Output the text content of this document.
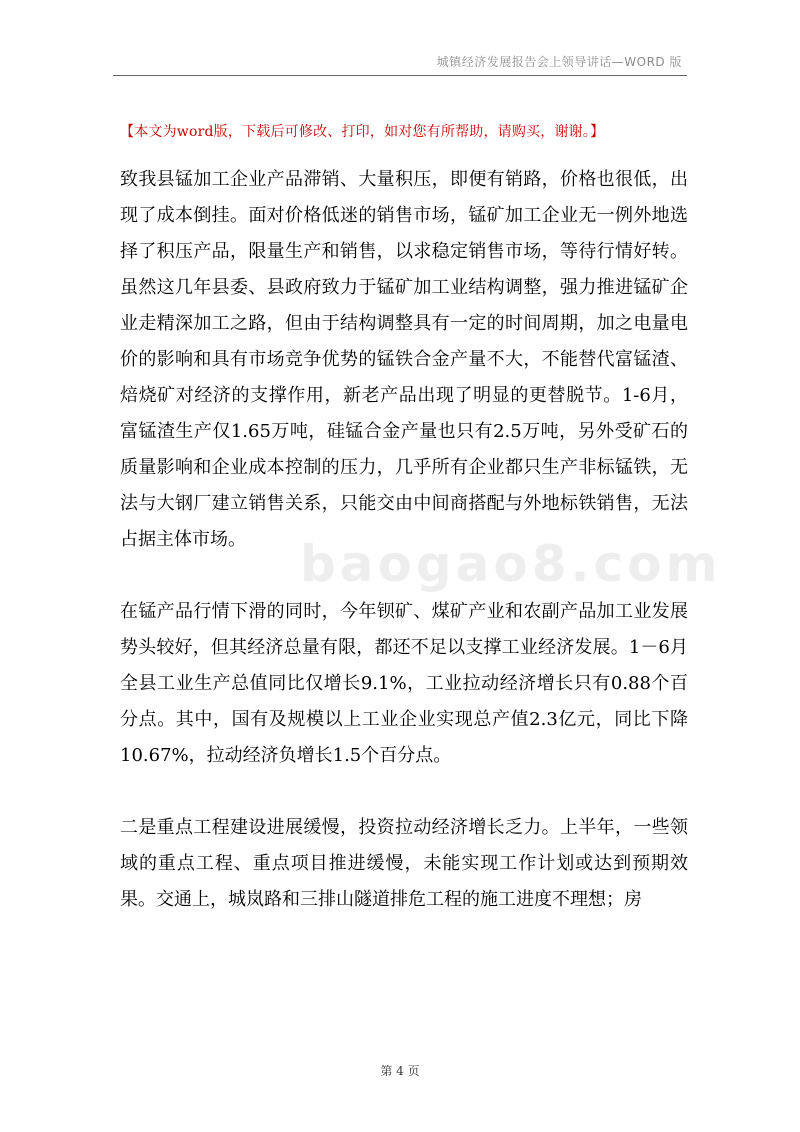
城镇经济发展报告会上领导讲话—WORD 版
【本文为word版，下载后可修改、打印，如对您有所帮助，请购买，谢谢。】
baogao8.com

致我县锰加工企业产品滞销、大量积压，即便有销路，价格也很低，出现了成本倒挂。面对价格低迷的销售市场，锰矿加工企业无一例外地选择了积压产品，限量生产和销售，以求稳定销售市场，等待行情好转。虽然这几年县委、县政府致力于锰矿加工业结构调整，强力推进锰矿企业走精深加工之路，但由于结构调整具有一定的时间周期，加之电量电价的影响和具有市场竞争优势的锰铁合金产量不大，不能替代富锰渣、焙烧矿对经济的支撑作用，新老产品出现了明显的更替脱节。1-6月，富锰渣生产仅1.65万吨，硅锰合金产量也只有2.5万吨，另外受矿石的质量影响和企业成本控制的压力，几乎所有企业都只生产非标锰铁，无法与大钢厂建立销售关系，只能交由中间商搭配与外地标铁销售，无法占据主体市场。

在锰产品行情下滑的同时，今年钡矿、煤矿产业和农副产品加工业发展势头较好，但其经济总量有限，都还不足以支撑工业经济发展。1－6月全县工业生产总值同比仅增长9.1%，工业拉动经济增长只有0.88个百分点。其中，国有及规模以上工业企业实现总产值2.3亿元，同比下降10.67%，拉动经济负增长1.5个百分点。

二是重点工程建设进展缓慢，投资拉动经济增长乏力。上半年，一些领域的重点工程、重点项目推进缓慢，未能实现工作计划或达到预期效果。交通上，城岚路和三排山隧道排危工程的施工进度不理想；房

第 4 页
